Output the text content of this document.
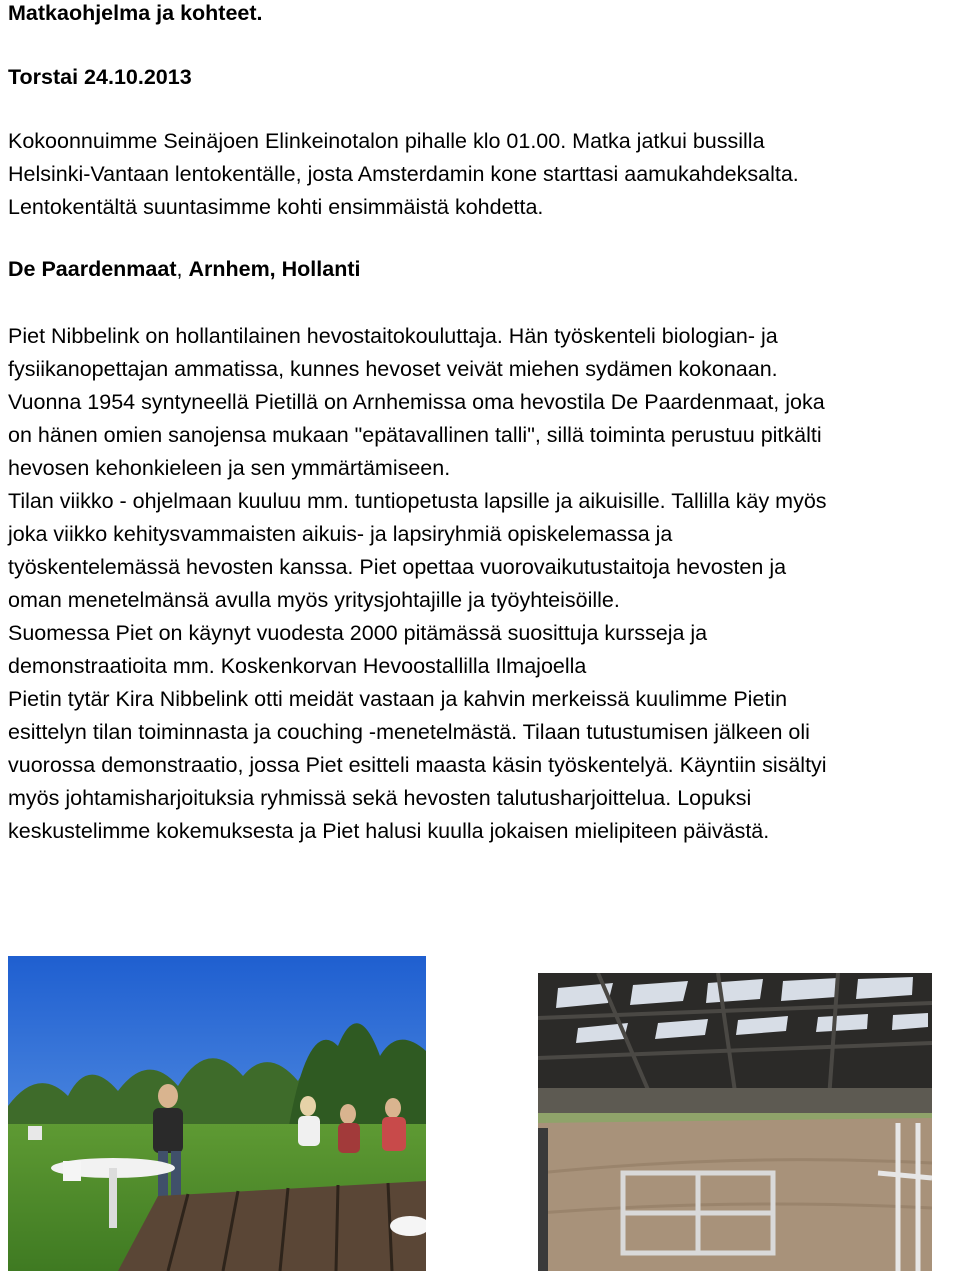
Matkaohjelma ja kohteet.

Torstai 24.10.2013

Kokoonnuimme Seinäjoen Elinkeinotalon pihalle klo 01.00. Matka jatkui bussilla

Helsinki-Vantaan lentokentälle, josta Amsterdamin kone starttasi aamukahdeksalta.

Lentokentältä suuntasimme kohti ensimmäistä kohdetta.

De Paardenmaat, Arnhem, Hollanti

Piet Nibbelink on hollantilainen hevostaitokouluttaja. Hän työskenteli biologian- ja

fysiikanopettajan ammatissa, kunnes hevoset veivät miehen sydämen kokonaan.

Vuonna 1954 syntyneellä Pietillä on Arnhemissa oma hevostila De Paardenmaat, joka

on hänen omien sanojensa mukaan "epätavallinen talli", sillä toiminta perustuu pitkälti

hevosen kehonkieleen ja sen ymmärtämiseen.

Tilan viikko - ohjelmaan kuuluu mm. tuntiopetusta lapsille ja aikuisille. Tallilla käy myös

joka viikko kehitysvammaisten aikuis- ja lapsiryhmiä opiskelemassa ja

työskentelemässä hevosten kanssa. Piet opettaa vuorovaikutustaitoja hevosten ja

oman menetelmänsä avulla myös yritysjohtajille ja työyhteisöille.

Suomessa Piet on käynyt vuodesta 2000 pitämässä suosittuja kursseja ja

demonstraatioita mm. Koskenkorvan Hevoostallilla Ilmajoella

Pietin tytär Kira Nibbelink otti meidät vastaan ja kahvin merkeissä kuulimme Pietin

esittelyn tilan toiminnasta ja couching -menetelmästä. Tilaan tutustumisen jälkeen oli

vuorossa demonstraatio, jossa Piet esitteli maasta käsin työskentelyä. Käyntiin sisältyi

myös johtamisharjoituksia ryhmissä sekä hevosten talutusharjoittelua. Lopuksi

keskustelimme kokemuksesta ja Piet halusi kuulla jokaisen mielipiteen päivästä.
